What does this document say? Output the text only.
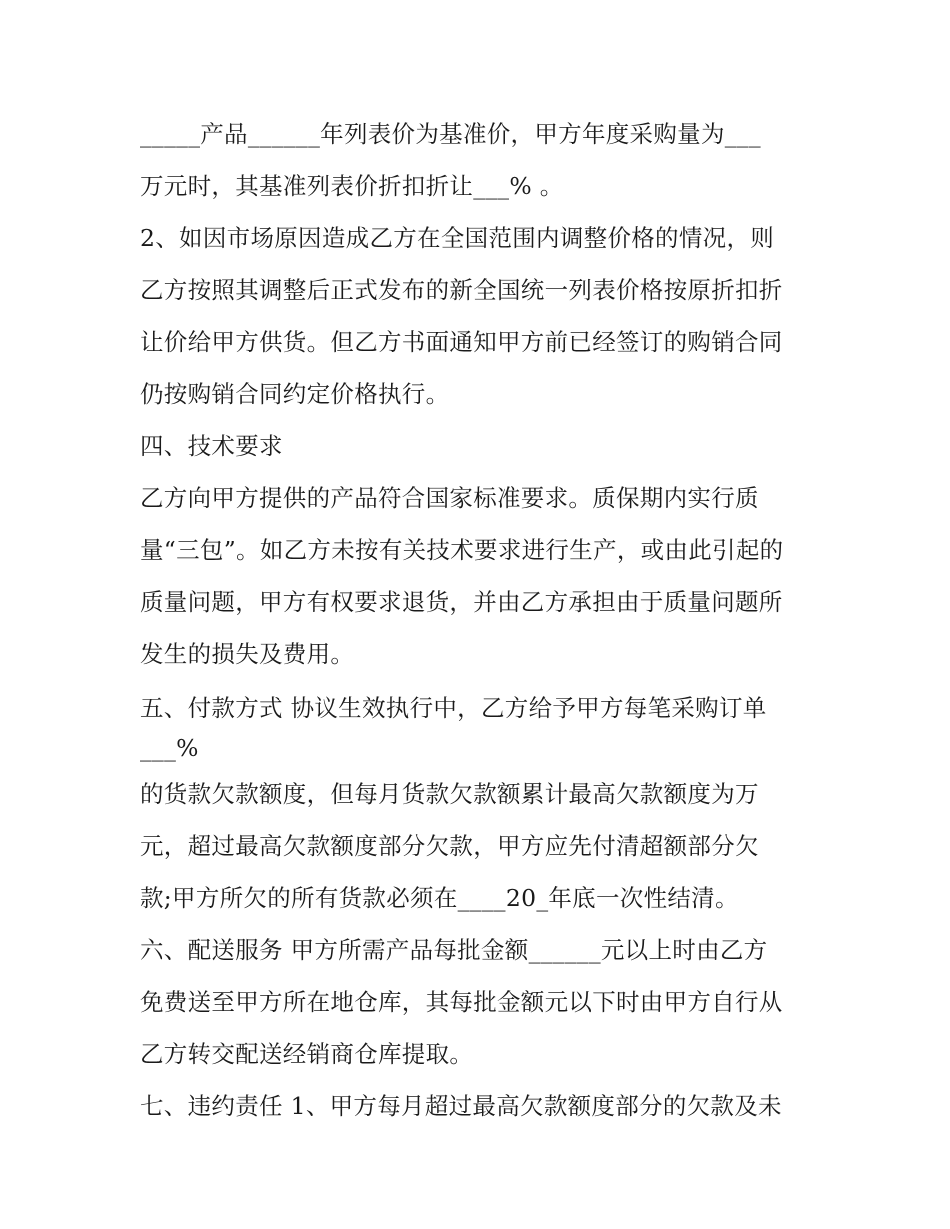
_____产品______年列表价为基准价，甲方年度采购量为___
万元时，其基准列表价折扣折让___% 。
2、如因市场原因造成乙方在全国范围内调整价格的情况，则
乙方按照其调整后正式发布的新全国统一列表价格按原折扣折
让价给甲方供货。但乙方书面通知甲方前已经签订的购销合同
仍按购销合同约定价格执行。
四、技术要求
乙方向甲方提供的产品符合国家标准要求。质保期内实行质
量“三包”。如乙方未按有关技术要求进行生产，或由此引起的
质量问题，甲方有权要求退货，并由乙方承担由于质量问题所
发生的损失及费用。
五、付款方式 协议生效执行中，乙方给予甲方每笔采购订单
___%
的货款欠款额度，但每月货款欠款额累计最高欠款额度为万
元，超过最高欠款额度部分欠款，甲方应先付清超额部分欠
款;甲方所欠的所有货款必须在____20_年底一次性结清。
六、配送服务 甲方所需产品每批金额______元以上时由乙方
免费送至甲方所在地仓库，其每批金额元以下时由甲方自行从
乙方转交配送经销商仓库提取。
七、违约责任 1、甲方每月超过最高欠款额度部分的欠款及未
